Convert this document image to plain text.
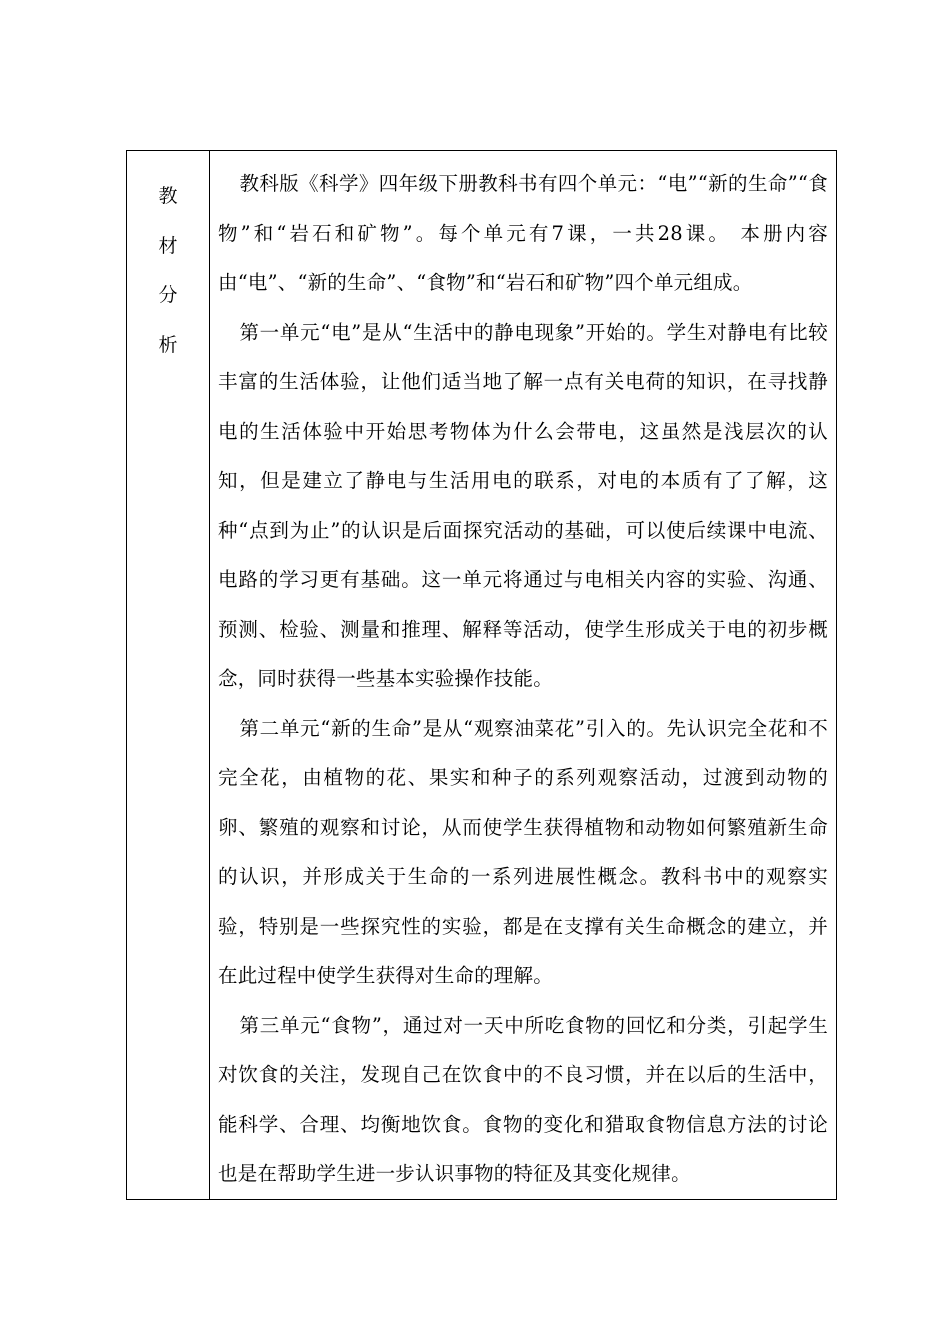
教
材
分
析

教科版《科学》四年级下册教科书有四个单元：“电”“新的生命”“食物”和“岩石和矿物”。每个单元有7课，一共28课。 本册内容由“电”、“新的生命”、“食物”和“岩石和矿物”四个单元组成。

第一单元“电”是从“生活中的静电现象”开始的。学生对静电有比较丰富的生活体验，让他们适当地了解一点有关电荷的知识，在寻找静电的生活体验中开始思考物体为什么会带电，这虽然是浅层次的认知，但是建立了静电与生活用电的联系，对电的本质有了了解，这种“点到为止”的认识是后面探究活动的基础，可以使后续课中电流、电路的学习更有基础。这一单元将通过与电相关内容的实验、沟通、预测、检验、测量和推理、解释等活动，使学生形成关于电的初步概念，同时获得一些基本实验操作技能。

第二单元“新的生命”是从“观察油菜花”引入的。先认识完全花和不完全花，由植物的花、果实和种子的系列观察活动，过渡到动物的卵、繁殖的观察和讨论，从而使学生获得植物和动物如何繁殖新生命的认识，并形成关于生命的一系列进展性概念。教科书中的观察实验，特别是一些探究性的实验，都是在支撑有关生命概念的建立，并在此过程中使学生获得对生命的理解。

第三单元“食物”，通过对一天中所吃食物的回忆和分类，引起学生对饮食的关注，发现自己在饮食中的不良习惯，并在以后的生活中，能科学、合理、均衡地饮食。食物的变化和猎取食物信息方法的讨论也是在帮助学生进一步认识事物的特征及其变化规律。
